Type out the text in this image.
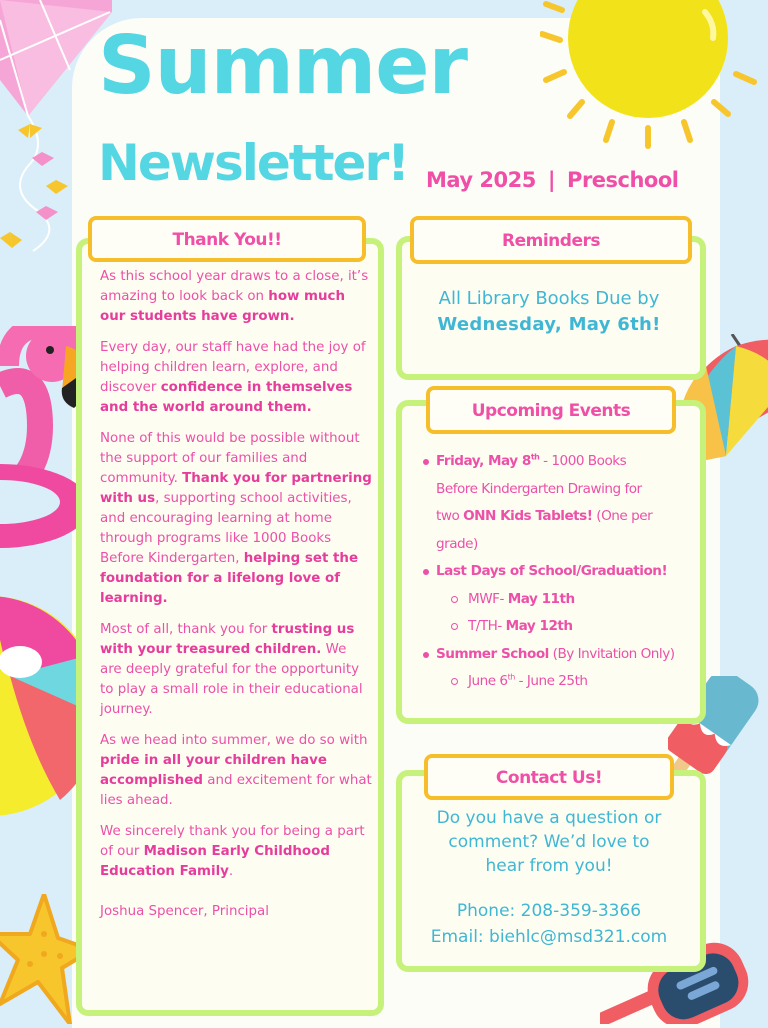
Summer
Newsletter! May 2025 | Preschool
Thank You!!

As this school year draws to a close, it’s amazing to look back on how much our students have grown.

Every day, our staff have had the joy of helping children learn, explore, and discover confidence in themselves and the world around them.

None of this would be possible without the support of our families and community. Thank you for partnering with us, supporting school activities, and encouraging learning at home through programs like 1000 Books Before Kindergarten, helping set the foundation for a lifelong love of learning.

Most of all, thank you for trusting us with your treasured children. We are deeply grateful for the opportunity to play a small role in their educational journey.

As we head into summer, we do so with pride in all your children have accomplished and excitement for what lies ahead.

We sincerely thank you for being a part of our Madison Early Childhood Education Family.

Joshua Spencer, Principal

Reminders
All Library Books Due by
Wednesday, May 6th!
Upcoming Events
Friday, May 8th - 1000 Books
Before Kindergarten Drawing for
two ONN Kids Tablets! (One per
grade)
Last Days of School/Graduation!
MWF- May 11th
T/TH- May 12th
Summer School (By Invitation Only)
June 6th - June 25th
Contact Us!
Do you have a question or
comment? We’d love to
hear from you!
Phone: 208-359-3366
Email: biehlc@msd321.com
